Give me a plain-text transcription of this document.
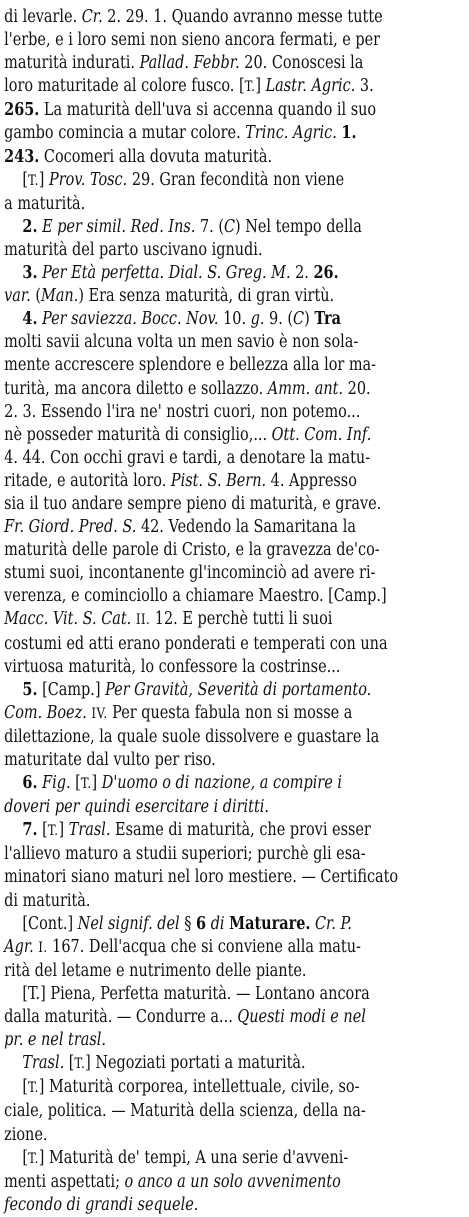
di levarle. Cr. 2. 29. 1. Quando avranno messe tutte
l'erbe, e i loro semi non sieno ancora fermati, e per
maturità indurati. Pallad. Febbr. 20. Conoscesi la
loro maturitade al colore fusco. [T.] Lastr. Agric. 3.
265. La maturità dell'uva si accenna quando il suo
gambo comincia a mutar colore. Trinc. Agric. 1.
243. Cocomeri alla dovuta maturità.
[T.] Prov. Tosc. 29. Gran fecondità non viene
a maturità.
2. E per simil. Red. Ins. 7. (C) Nel tempo della
maturità del parto uscivano ignudi.
3. Per Età perfetta. Dial. S. Greg. M. 2. 26.
var. (Man.) Era senza maturità, di gran virtù.
4. Per saviezza. Bocc. Nov. 10. g. 9. (C) Tra
molti savii alcuna volta un men savio è non sola-
mente accrescere splendore e bellezza alla lor ma-
turità, ma ancora diletto e sollazzo. Amm. ant. 20.
2. 3. Essendo l'ira ne' nostri cuori, non potemo...
nè posseder maturità di consiglio,... Ott. Com. Inf.
4. 44. Con occhi gravi e tardi, a denotare la matu-
ritade, e autorità loro. Pist. S. Bern. 4. Appresso
sia il tuo andare sempre pieno di maturità, e grave.
Fr. Giord. Pred. S. 42. Vedendo la Samaritana la
maturità delle parole di Cristo, e la gravezza de'co-
stumi suoi, incontanente gl'incominciò ad avere ri-
verenza, e cominciollo a chiamare Maestro. [Camp.]
Macc. Vit. S. Cat. II. 12. E perchè tutti li suoi
costumi ed atti erano ponderati e temperati con una
virtuosa maturità, lo confessore la costrinse...
5. [Camp.] Per Gravità, Severità di portamento.
Com. Boez. IV. Per questa fabula non si mosse a
dilettazione, la quale suole dissolvere e guastare la
maturitate dal vulto per riso.
6. Fig. [T.] D'uomo o di nazione, a compire i
doveri per quindi esercitare i diritti.
7. [T.] Trasl. Esame di maturità, che provi esser
l'allievo maturo a studii superiori; purchè gli esa-
minatori siano maturi nel loro mestiere. — Certificato
di maturità.
[Cont.] Nel signif. del § 6 di Maturare. Cr. P.
Agr. I. 167. Dell'acqua che si conviene alla matu-
rità del letame e nutrimento delle piante.
[T.] Piena, Perfetta maturità. — Lontano ancora
dalla maturità. — Condurre a... Questi modi e nel
pr. e nel trasl.
Trasl. [T.] Negoziati portati a maturità.
[T.] Maturità corporea, intellettuale, civile, so-
ciale, politica. — Maturità della scienza, della na-
zione.
[T.] Maturità de' tempi, A una serie d'avveni-
menti aspettati; o anco a un solo avvenimento
fecondo di grandi sequele.
